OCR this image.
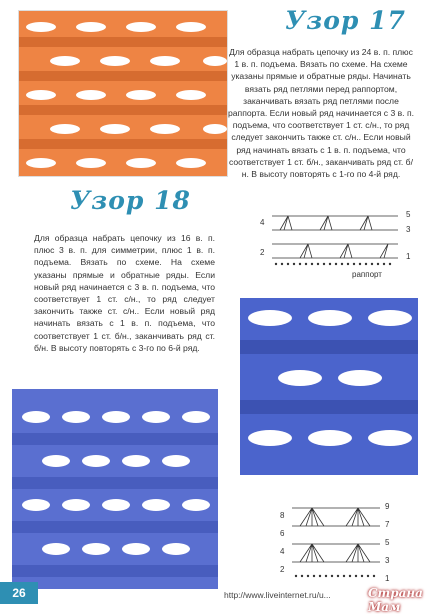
Узор 17
Для образца набрать цепочку из 24 в. п. плюс 1 в. п. подъема. Вязать по схеме. На схеме указаны прямые и обратные ряды. Начинать вязать ряд петлями перед раппортом, заканчивать вязать ряд петлями после раппорта. Если новый ряд начинается с 3 в. п. подъема, что соответствует 1 ст. с/н., то ряд следует закончить также ст. с/н.. Если новый ряд начинать вязать с 1 в. п. подъема, что соответствует 1 ст. б/н., заканчивать ряд ст. б/н. В высоту повторять с 1-го по 4-й ряд.
5
3
1
4
2
раппорт
Узор 18
Для образца набрать цепочку из 16 в. п. плюс 3 в. п. для симметрии, плюс 1 в. п. подъема. Вязать по схеме. На схеме указаны прямые и обратные ряды. Если новый ряд начинается с 3 в. п. подъема, что соответствует 1 ст. с/н., то ряд следует закончить также ст. с/н.. Если новый ряд начинать вязать с 1 в. п. подъема, что соответствует 1 ст. б/н., заканчивать ряд ст. б/н. В высоту повторять с 3-го по 6-й ряд.
9
7
5
3
1
8
6
4
2
26	http://www.liveinternet.ru/u...	Страна Мам
